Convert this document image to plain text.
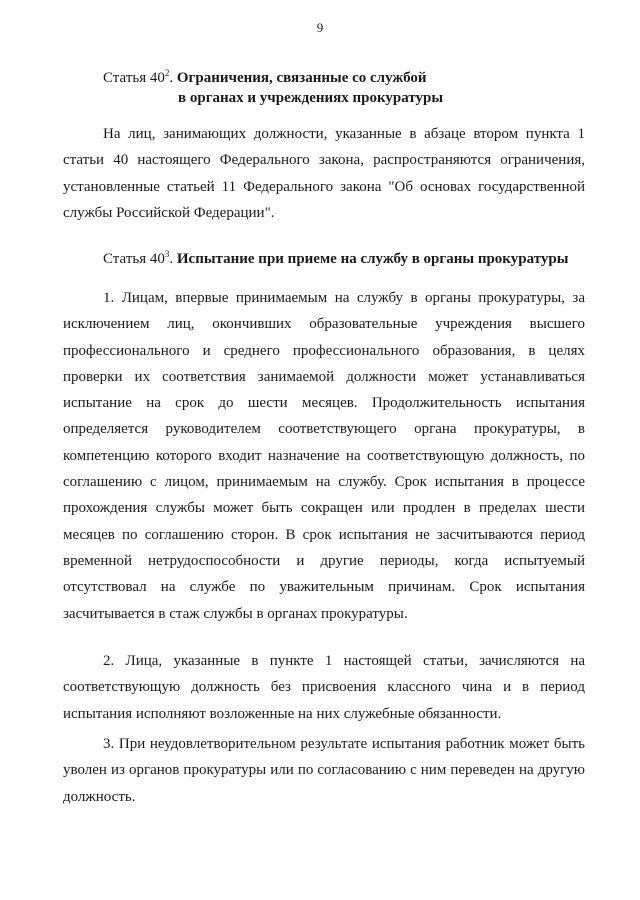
9
Статья $40^2$. Ограничения, связанные со службой
в органах и учреждениях прокуратуры

На лиц, занимающих должности, указанные в абзаце втором пункта 1 статьи 40 настоящего Федерального закона, распространяются ограничения, установленные статьей 11 Федерального закона "Об основах государственной службы Российской Федерации".

Статья $40^3$. Испытание при приеме на службу в органы прокуратуры

1. Лицам, впервые принимаемым на службу в органы прокуратуры, за исключением лиц, окончивших образовательные учреждения высшего профессионального и среднего профессионального образования, в целях проверки их соответствия занимаемой должности может устанавливаться испытание на срок до шести месяцев. Продолжительность испытания определяется руководителем соответствующего органа прокуратуры, в компетенцию которого входит назначение на соответствующую должность, по соглашению с лицом, принимаемым на службу. Срок испытания в процессе прохождения службы может быть сокращен или продлен в пределах шести месяцев по соглашению сторон. В срок испытания не засчитываются период временной нетрудоспособности и другие периоды, когда испытуемый отсутствовал на службе по уважительным причинам. Срок испытания засчитывается в стаж службы в органах прокуратуры.

2. Лица, указанные в пункте 1 настоящей статьи, зачисляются на соответствующую должность без присвоения классного чина и в период испытания исполняют возложенные на них служебные обязанности.

3. При неудовлетворительном результате испытания работник может быть уволен из органов прокуратуры или по согласованию с ним переведен на другую должность.
